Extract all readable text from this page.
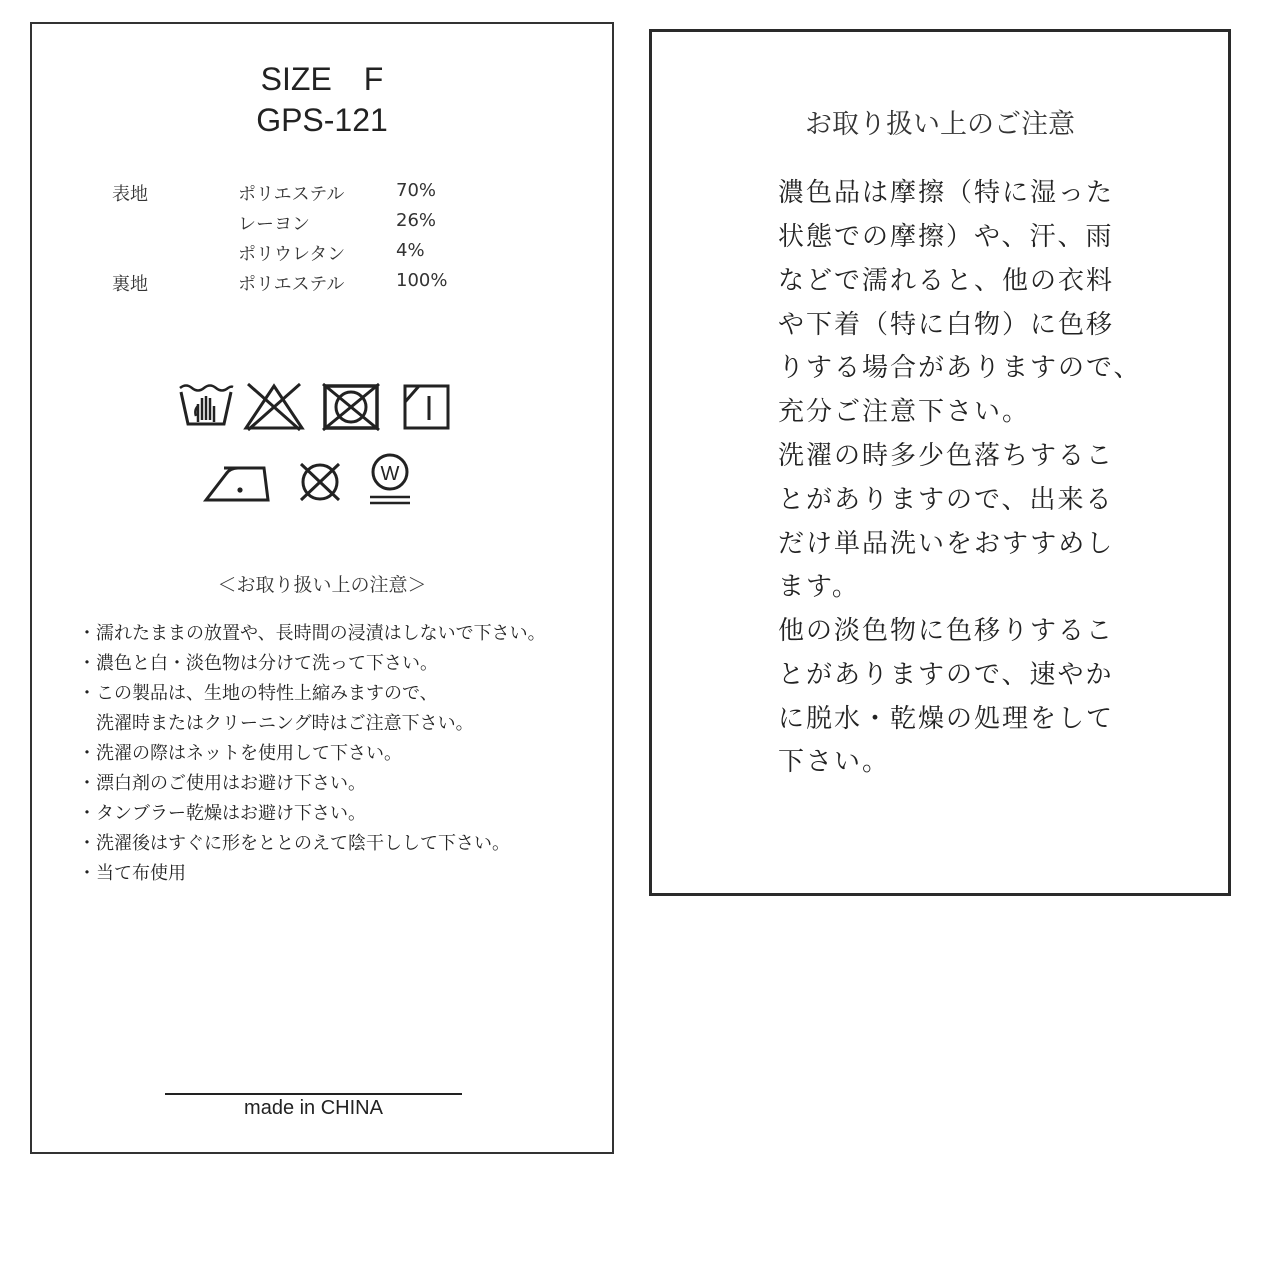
SIZE　F
GPS-121
表地	ポリエステル	70%
レーヨン	26%
ポリウレタン	4%
裏地	ポリエステル	100%
W
＜お取り扱い上の注意＞
・濡れたままの放置や、長時間の浸漬はしないで下さい。
・濃色と白・淡色物は分けて洗って下さい。
・この製品は、生地の特性上縮みますので、
　洗濯時またはクリーニング時はご注意下さい。
・洗濯の際はネットを使用して下さい。
・漂白剤のご使用はお避け下さい。
・タンブラー乾燥はお避け下さい。
・洗濯後はすぐに形をととのえて陰干しして下さい。
・当て布使用
made in CHINA
お取り扱い上のご注意
濃色品は摩擦（特に湿った
状態での摩擦）や、汗、雨
などで濡れると、他の衣料
や下着（特に白物）に色移
りする場合がありますので、
充分ご注意下さい。
洗濯の時多少色落ちするこ
とがありますので、出来る
だけ単品洗いをおすすめし
ます。
他の淡色物に色移りするこ
とがありますので、速やか
に脱水・乾燥の処理をして
下さい。
